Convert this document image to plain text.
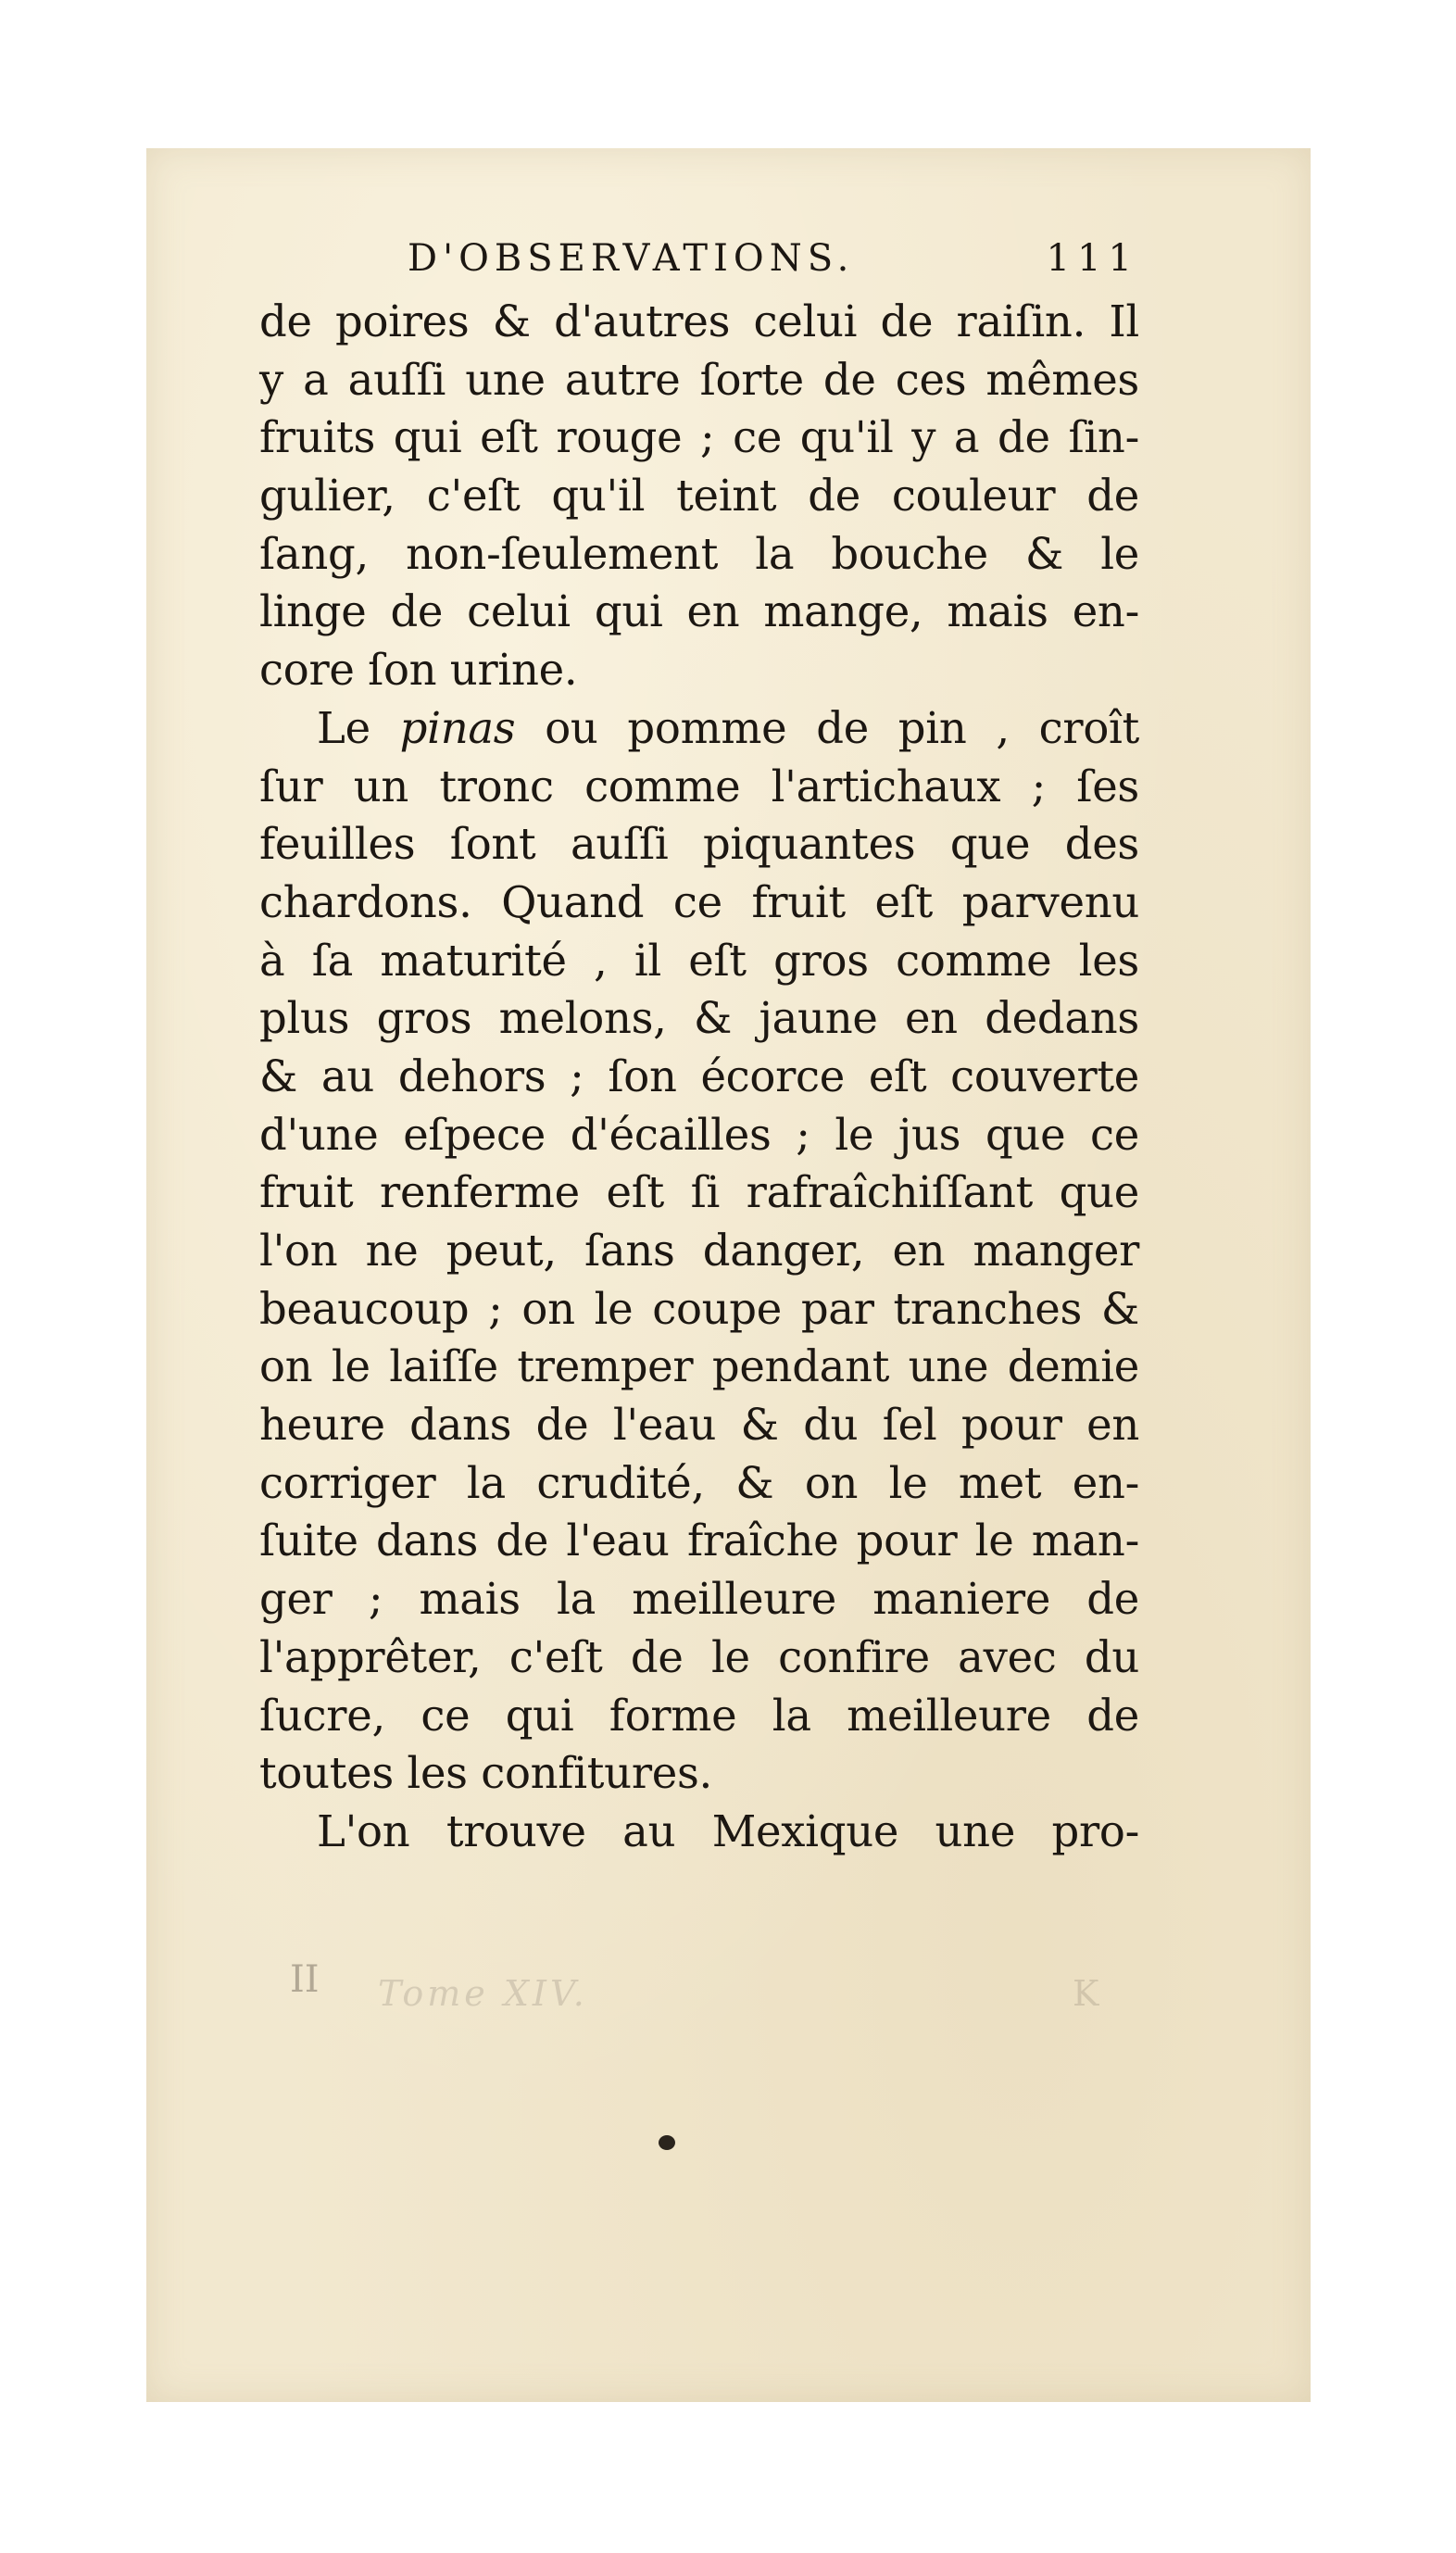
D'OBSERVATIONS.	111
de poires & d'autres celui de raiſin. Il
y a auſſi une autre ſorte de ces mêmes
fruits qui eſt rouge ; ce qu'il y a de ſin-
gulier, c'eſt qu'il teint de couleur de
ſang, non-ſeulement la bouche & le
linge de celui qui en mange, mais en-
core ſon urine.
Le pinas ou pomme de pin , croît
ſur un tronc comme l'artichaux ; ſes
feuilles ſont auſſi piquantes que des
chardons. Quand ce fruit eſt parvenu
à ſa maturité , il eſt gros comme les
plus gros melons, & jaune en dedans
& au dehors ; ſon écorce eſt couverte
d'une eſpece d'écailles ; le jus que ce
fruit renferme eſt ſi rafraîchiſſant que
l'on ne peut, ſans danger, en manger
beaucoup ; on le coupe par tranches &
on le laiſſe tremper pendant une demie
heure dans de l'eau & du ſel pour en
corriger la crudité, & on le met en-
ſuite dans de l'eau fraîche pour le man-
ger ; mais la meilleure maniere de
l'apprêter, c'eſt de le confire avec du
ſucre, ce qui forme la meilleure de
toutes les confitures.
L'on trouve au Mexique une pro-
II Tome XIV.	K
